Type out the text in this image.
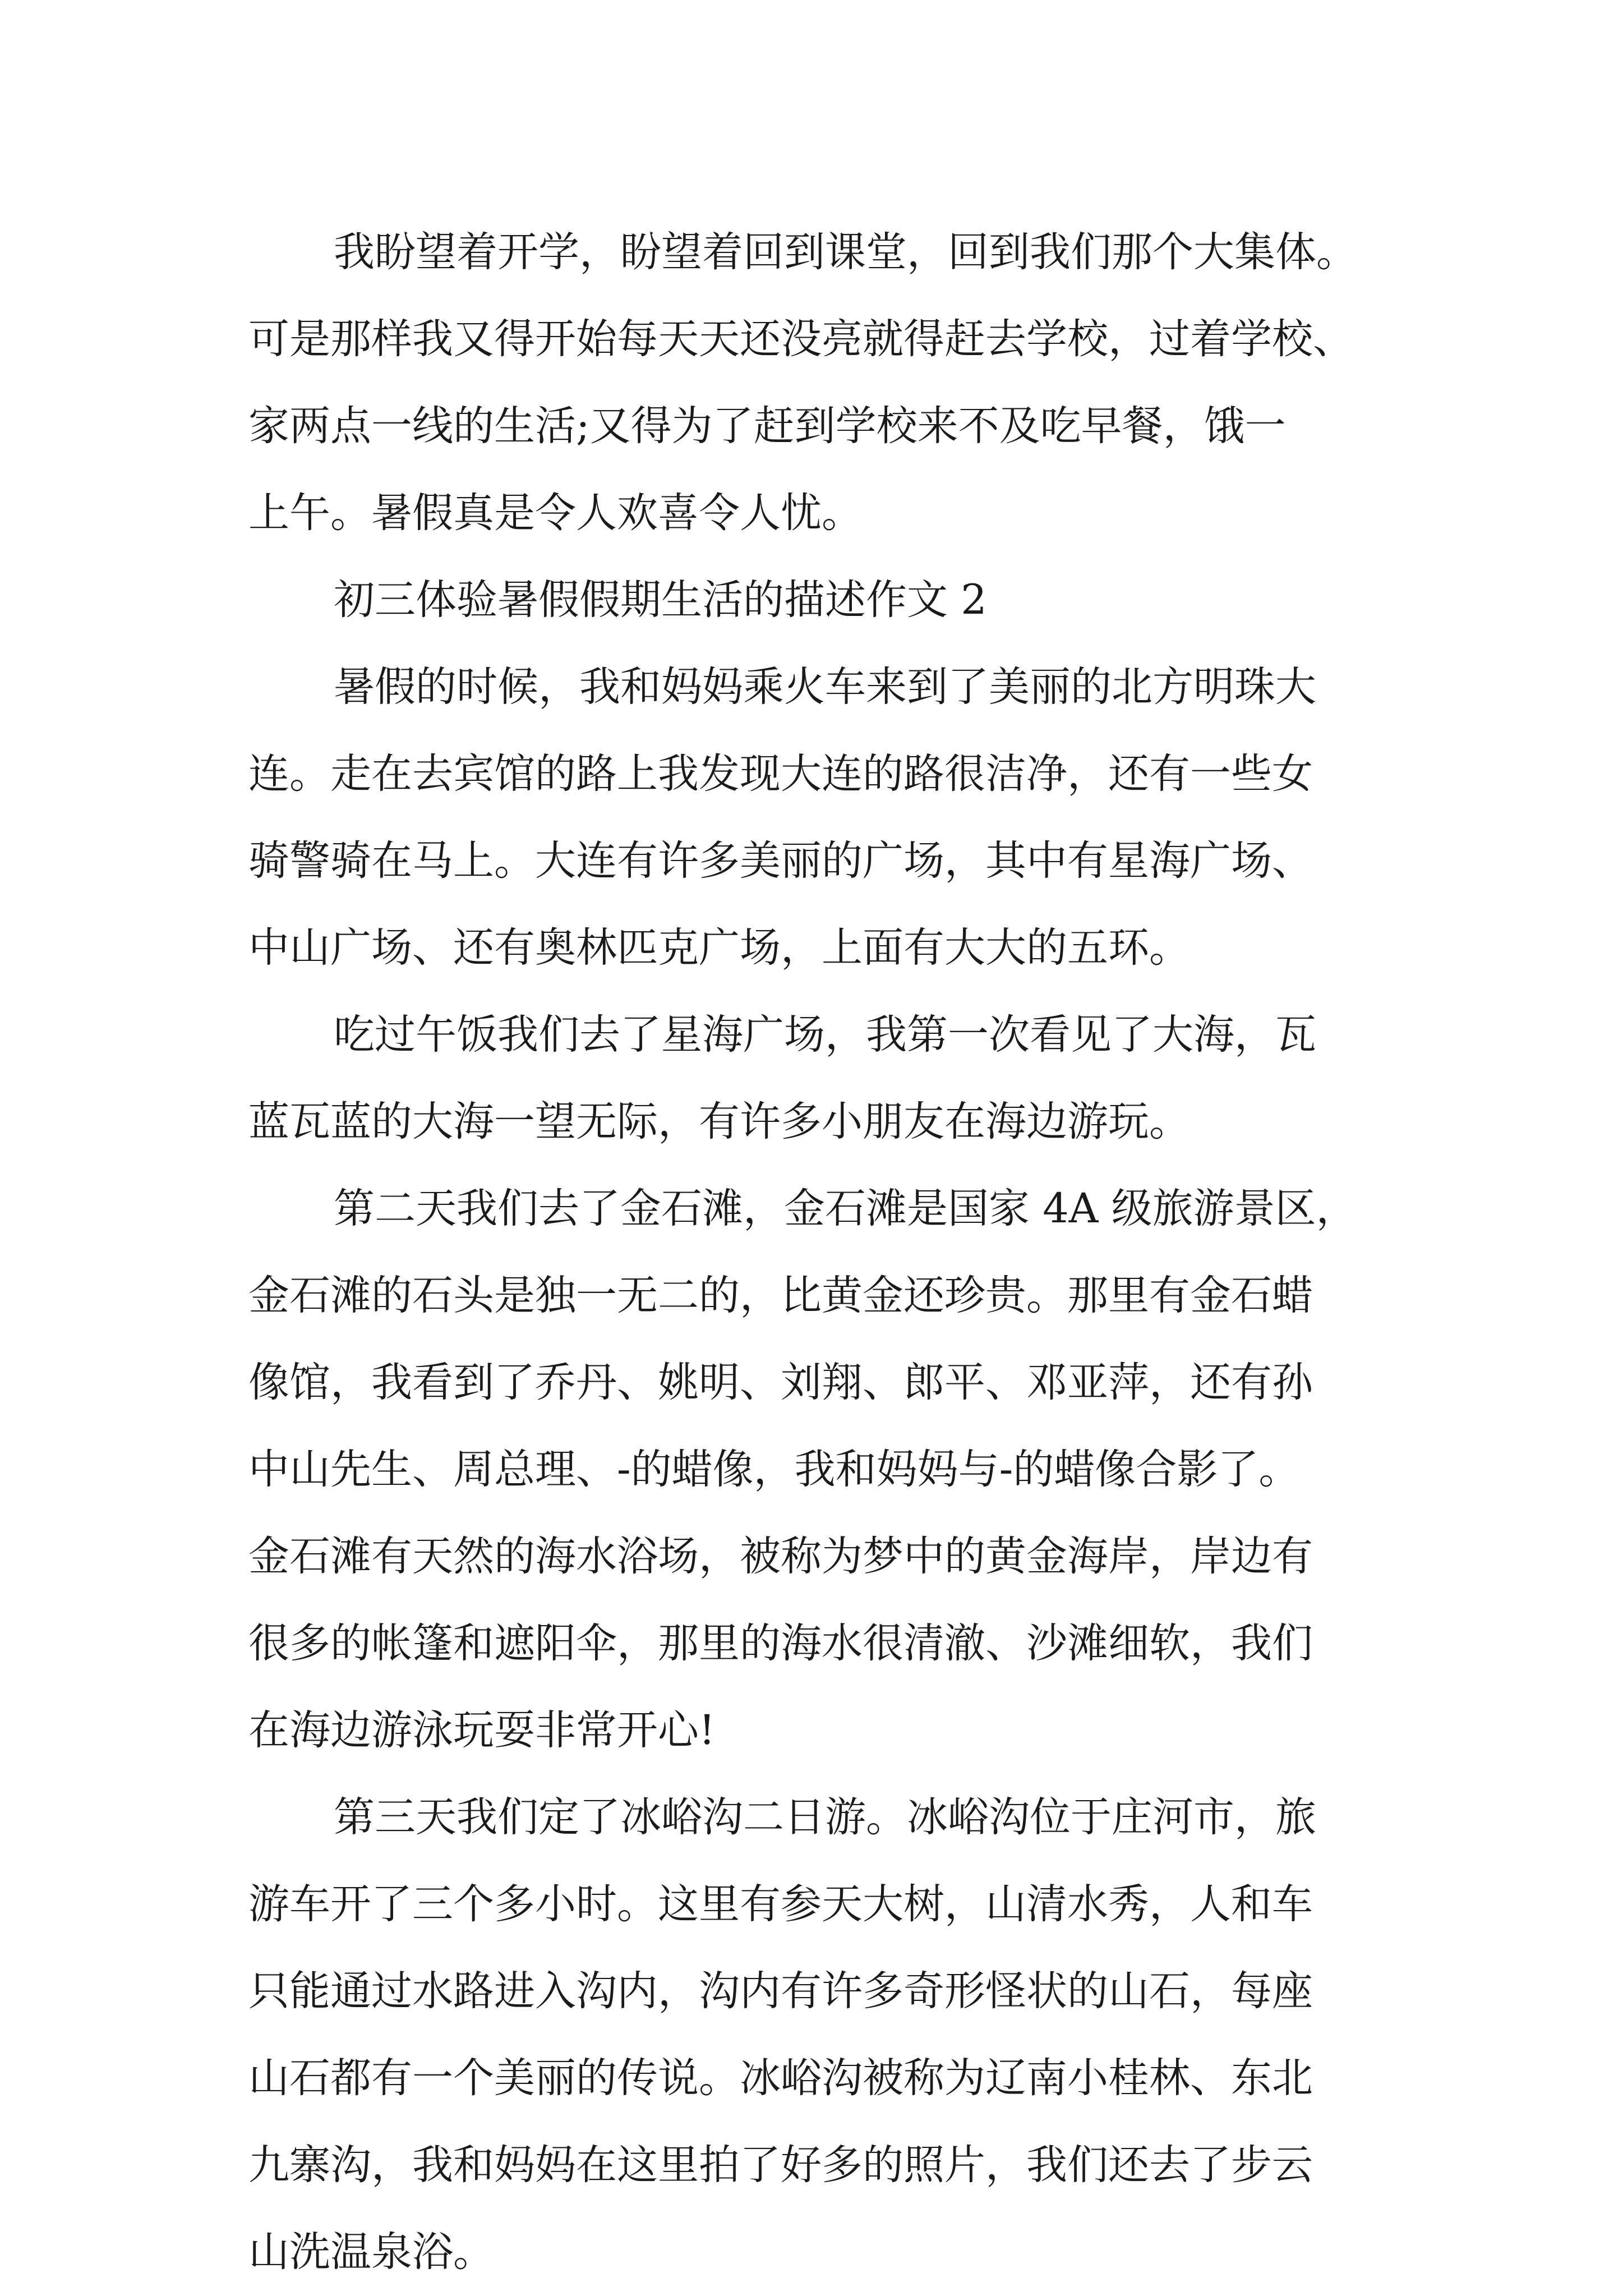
我盼望着开学，盼望着回到课堂，回到我们那个大集体。
可是那样我又得开始每天天还没亮就得赶去学校，过着学校、
家两点一线的生活;又得为了赶到学校来不及吃早餐，饿一
上午。暑假真是令人欢喜令人忧。
初三体验暑假假期生活的描述作文 2
暑假的时候，我和妈妈乘火车来到了美丽的北方明珠大
连。走在去宾馆的路上我发现大连的路很洁净，还有一些女
骑警骑在马上。大连有许多美丽的广场，其中有星海广场、
中山广场、还有奥林匹克广场，上面有大大的五环。
吃过午饭我们去了星海广场，我第一次看见了大海，瓦
蓝瓦蓝的大海一望无际，有许多小朋友在海边游玩。
第二天我们去了金石滩，金石滩是国家 4A 级旅游景区，
金石滩的石头是独一无二的，比黄金还珍贵。那里有金石蜡
像馆，我看到了乔丹、姚明、刘翔、郎平、邓亚萍，还有孙
中山先生、周总理、-的蜡像，我和妈妈与-的蜡像合影了。
金石滩有天然的海水浴场，被称为梦中的黄金海岸，岸边有
很多的帐篷和遮阳伞，那里的海水很清澈、沙滩细软，我们
在海边游泳玩耍非常开心!
第三天我们定了冰峪沟二日游。冰峪沟位于庄河市，旅
游车开了三个多小时。这里有参天大树，山清水秀，人和车
只能通过水路进入沟内，沟内有许多奇形怪状的山石，每座
山石都有一个美丽的传说。冰峪沟被称为辽南小桂林、东北
九寨沟，我和妈妈在这里拍了好多的照片，我们还去了步云
山洗温泉浴。
